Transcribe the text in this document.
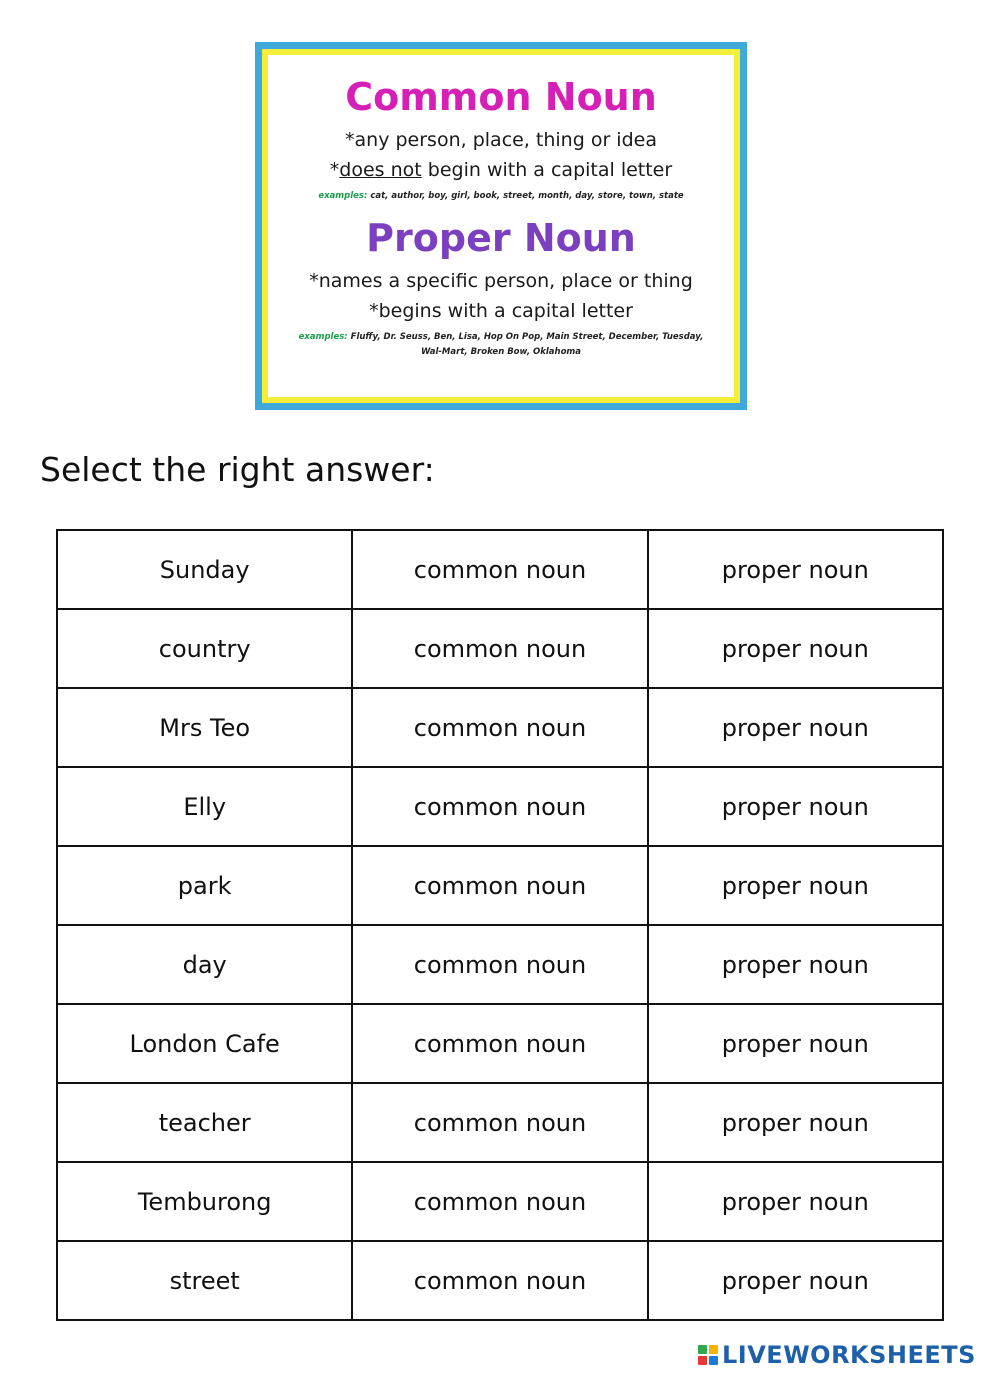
Common Noun

*any person, place, thing or idea

*does not begin with a capital letter

examples: cat, author, boy, girl, book, street, month, day, store, town, state

Proper Noun

*names a specific person, place or thing

*begins with a capital letter

examples: Fluffy, Dr. Seuss, Ben, Lisa, Hop On Pop, Main Street, December, Tuesday, Wal-Mart, Broken Bow, Oklahoma

Select the right answer:

Sunday	common noun	proper noun
country	common noun	proper noun
Mrs Teo	common noun	proper noun
Elly	common noun	proper noun
park	common noun	proper noun
day	common noun	proper noun
London Cafe	common noun	proper noun
teacher	common noun	proper noun
Temburong	common noun	proper noun
street	common noun	proper noun
LIVEWORKSHEETS
